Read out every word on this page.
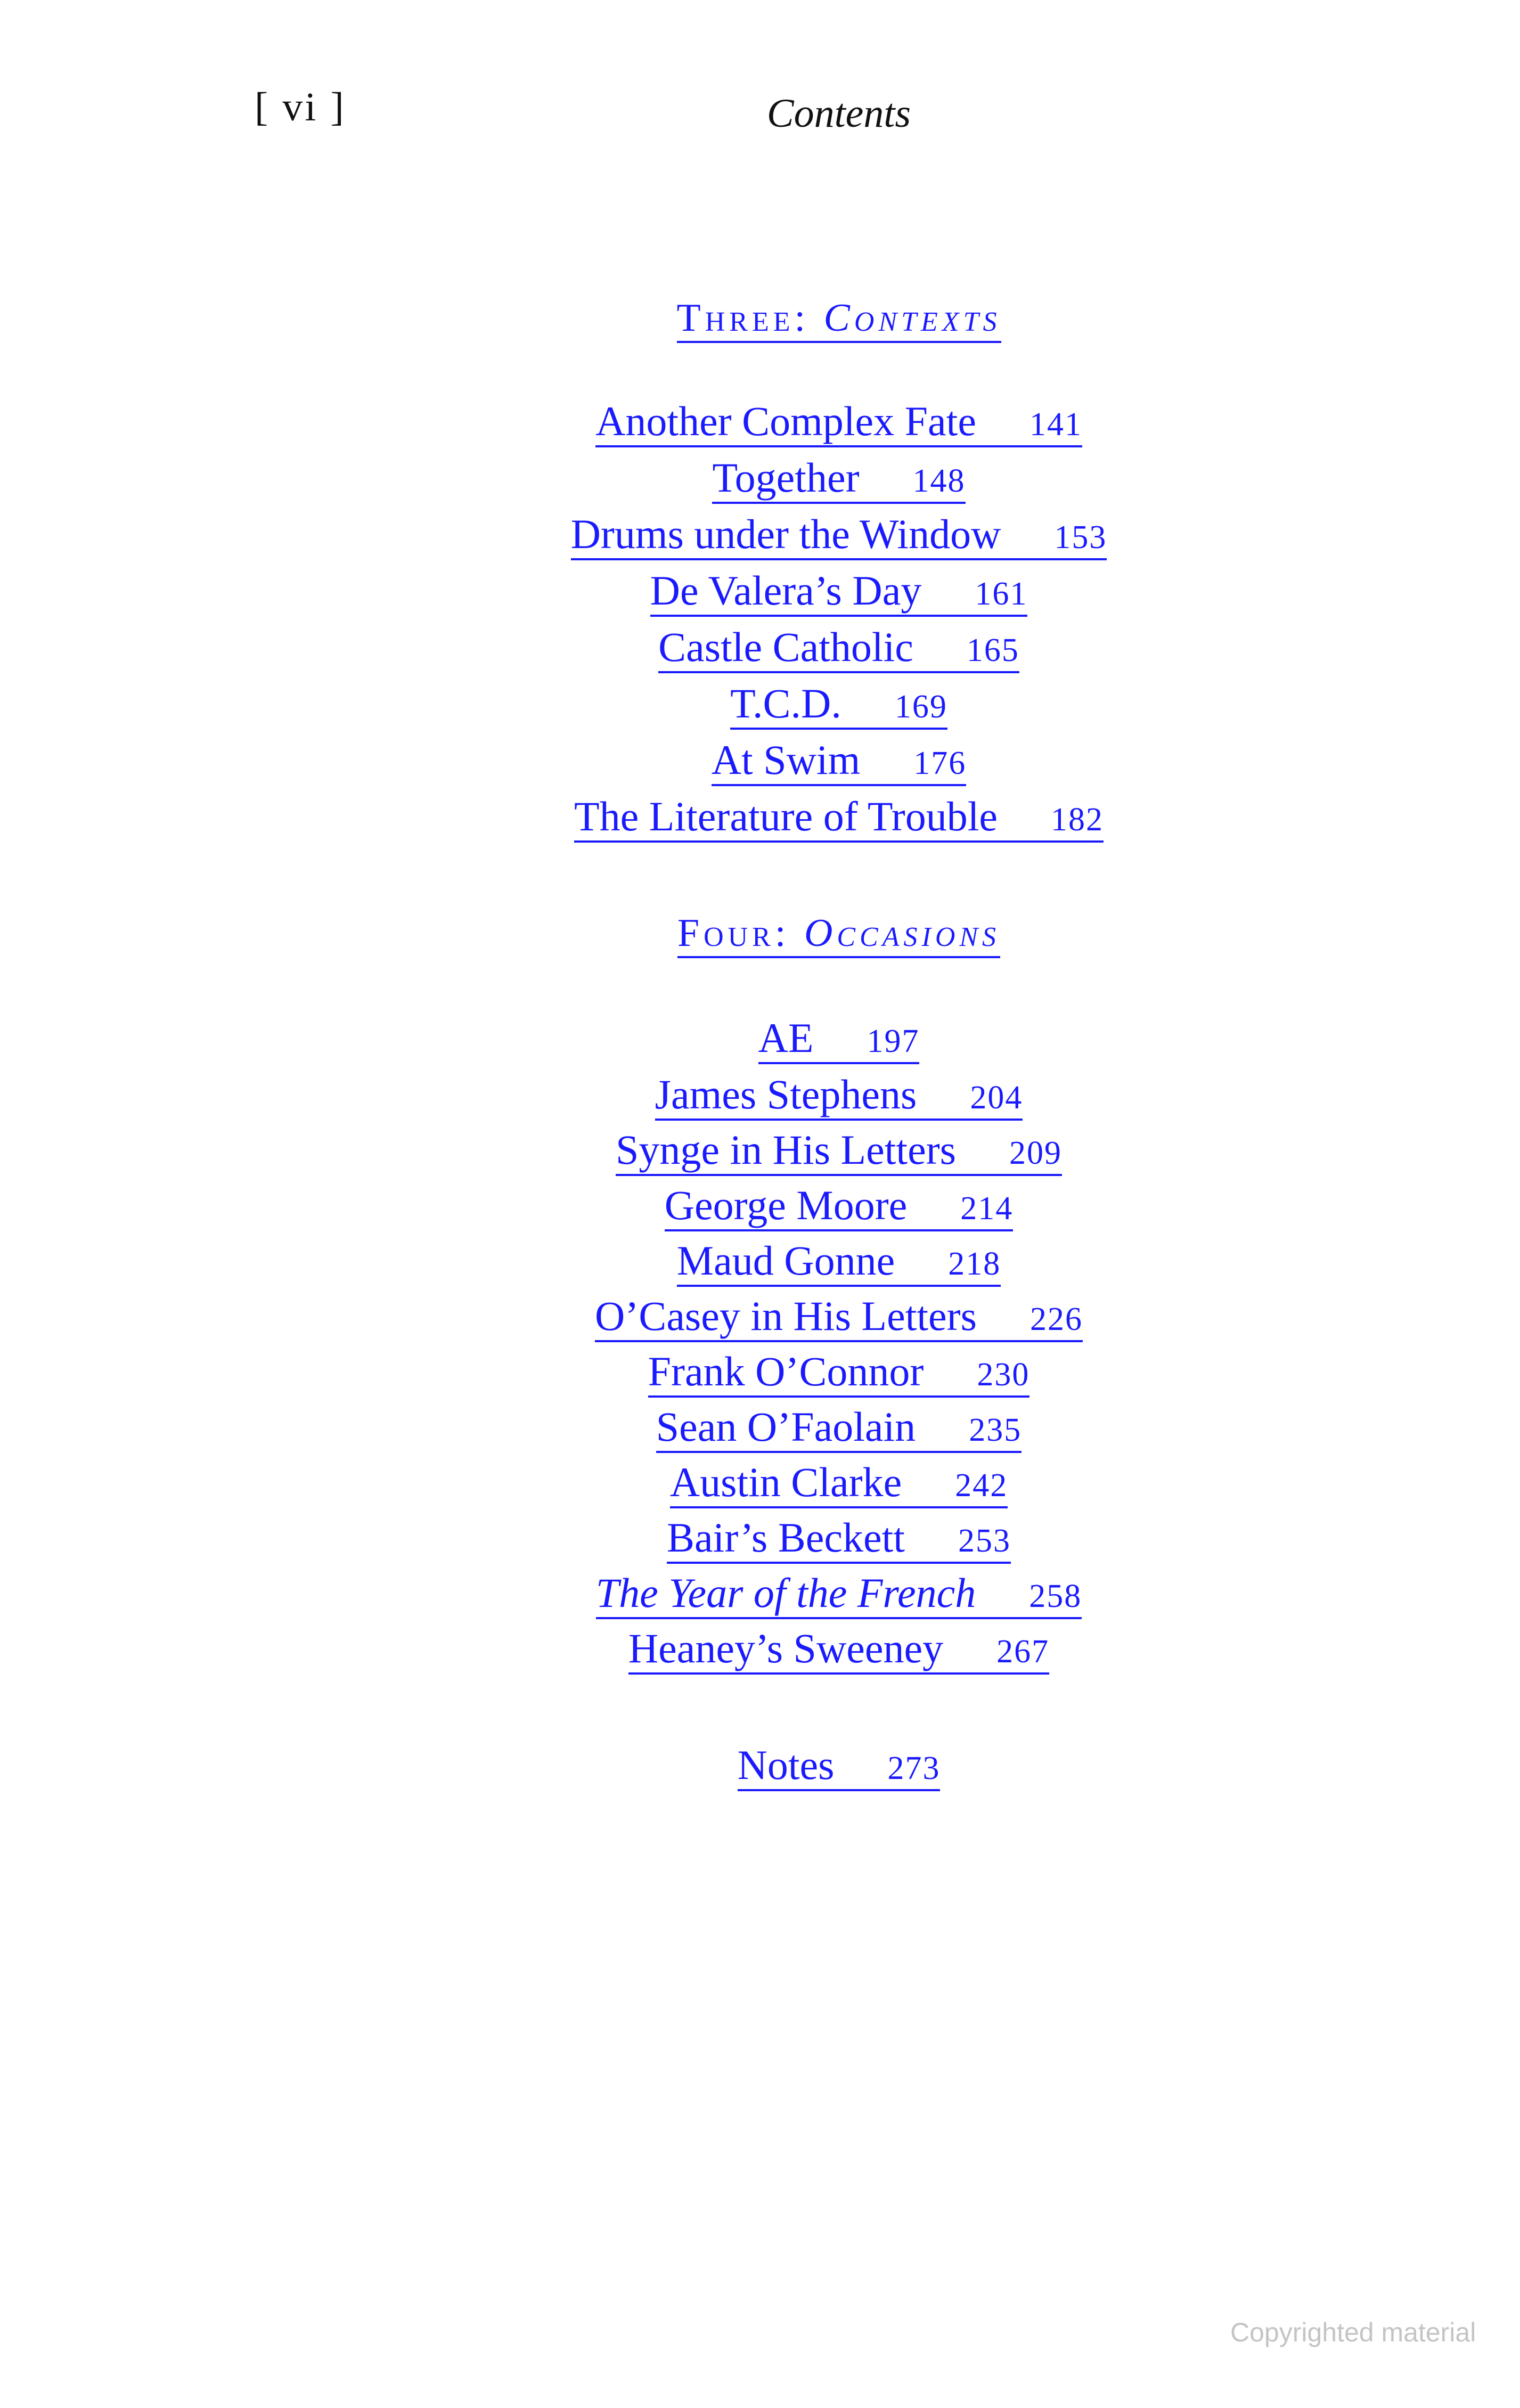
[ vi ]	Contents
Three: Contexts
Another Complex Fate 141
Together 148
Drums under the Window 153
De Valera’s Day 161
Castle Catholic 165
T.C.D. 169
At Swim 176
The Literature of Trouble 182
Four: Occasions
AE 197
James Stephens 204
Synge in His Letters 209
George Moore 214
Maud Gonne 218
O’Casey in His Letters 226
Frank O’Connor 230
Sean O’Faolain 235
Austin Clarke 242
Bair’s Beckett 253
The Year of the French 258
Heaney’s Sweeney 267
Notes 273
Copyrighted material
